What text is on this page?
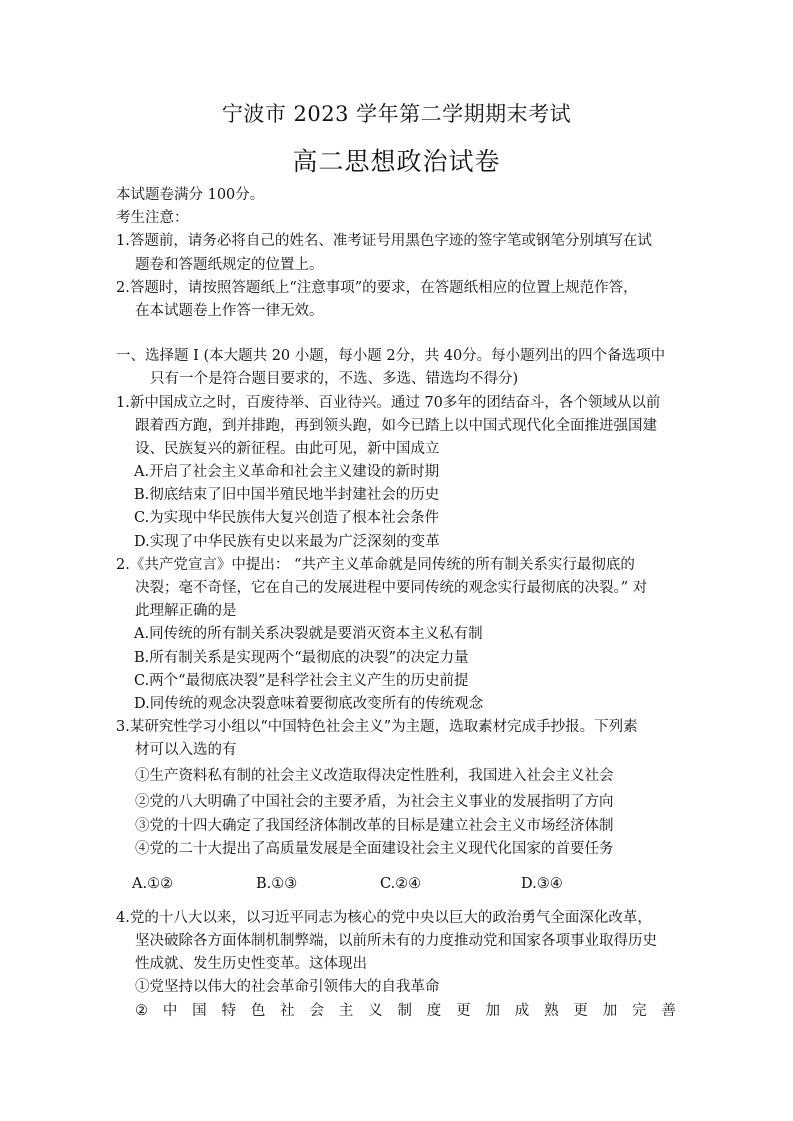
宁波市 2023 学年第二学期期末考试
高二思想政治试卷
本试题卷满分 100分。
考生注意：
1.答题前，请务必将自己的姓名、准考证号用黑色字迹的签字笔或钢笔分别填写在试
题卷和答题纸规定的位置上。
2.答题时，请按照答题纸上“注意事项”的要求，在答题纸相应的位置上规范作答，
在本试题卷上作答一律无效。
一、选择题 I (本大题共 20 小题，每小题 2分，共 40分。每小题列出的四个备选项中
只有一个是符合题目要求的，不选、多选、错选均不得分)
1.新中国成立之时，百废待举、百业待兴。通过 70多年的团结奋斗，各个领域从以前
跟着西方跑，到并排跑，再到领头跑，如今已踏上以中国式现代化全面推进强国建
设、民族复兴的新征程。由此可见，新中国成立
A.开启了社会主义革命和社会主义建设的新时期
B.彻底结束了旧中国半殖民地半封建社会的历史
C.为实现中华民族伟大复兴创造了根本社会条件
D.实现了中华民族有史以来最为广泛深刻的变革
2.《共产党宣言》中提出： “共产主义革命就是同传统的所有制关系实行最彻底的
决裂；毫不奇怪，它在自己的发展进程中要同传统的观念实行最彻底的决裂。” 对
此理解正确的是
A.同传统的所有制关系决裂就是要消灭资本主义私有制
B.所有制关系是实现两个“最彻底的决裂”的决定力量
C.两个“最彻底决裂”是科学社会主义产生的历史前提
D.同传统的观念决裂意味着要彻底改变所有的传统观念
3.某研究性学习小组以“中国特色社会主义”为主题，选取素材完成手抄报。下列素
材可以入选的有
①生产资料私有制的社会主义改造取得决定性胜利，我国进入社会主义社会
②党的八大明确了中国社会的主要矛盾，为社会主义事业的发展指明了方向
③党的十四大确定了我国经济体制改革的目标是建立社会主义市场经济体制
④党的二十大提出了高质量发展是全面建设社会主义现代化国家的首要任务
A.①②	B.①③	C.②④	D.③④
4.党的十八大以来，以习近平同志为核心的党中央以巨大的政治勇气全面深化改革，
坚决破除各方面体制机制弊端，以前所未有的力度推动党和国家各项事业取得历史
性成就、发生历史性变革。这体现出
①党坚持以伟大的社会革命引领伟大的自我革命
② 中 国 特 色 社 会 主 义 制 度 更 加 成 熟 更 加 完 善
